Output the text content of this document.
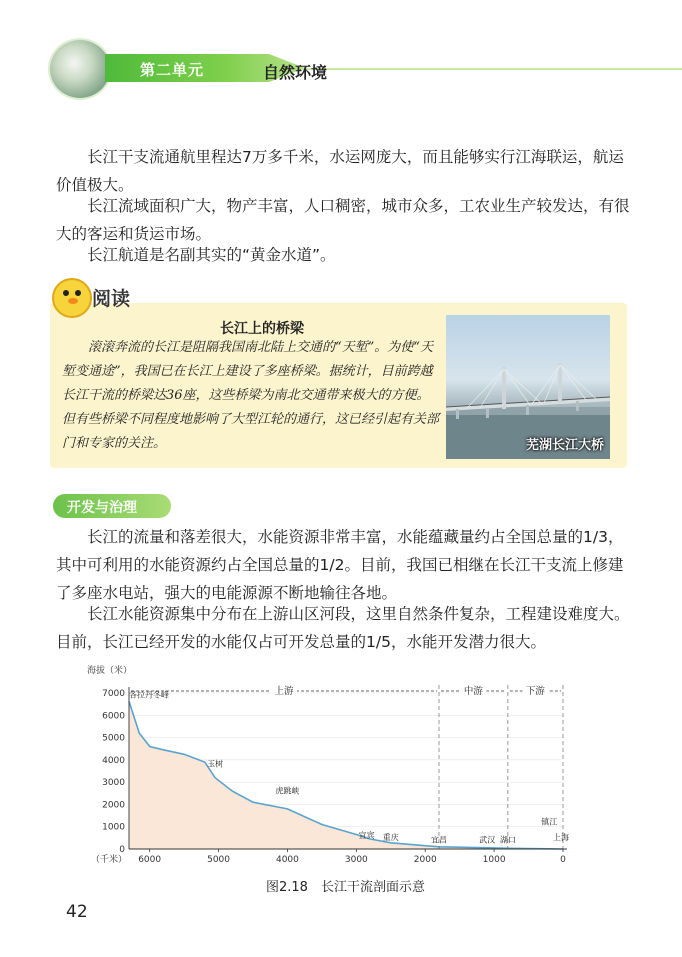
第二单元	自然环境

长江干支流通航里程达7万多千米，水运网庞大，而且能够实行江海联运，航运价值极大。

长江流域面积广大，物产丰富，人口稠密，城市众多，工农业生产较发达，有很大的客运和货运市场。

长江航道是名副其实的“黄金水道”。

阅读
长江上的桥梁

滚滚奔流的长江是阻隔我国南北陆上交通的“天堑”。为使“天堑变通途”，我国已在长江上建设了多座桥梁。据统计，目前跨越长江干流的桥梁达36座，这些桥梁为南北交通带来极大的方便。但有些桥梁不同程度地影响了大型江轮的通行，这已经引起有关部门和专家的关注。	芜湖长江大桥
开发与治理

长江的流量和落差很大，水能资源非常丰富，水能蕴藏量约占全国总量的1/3，其中可利用的水能资源约占全国总量的1/2。目前，我国已相继在长江干支流上修建了多座水电站，强大的电能源源不断地输往各地。

长江水能资源集中分布在上游山区河段，这里自然条件复杂，工程建设难度大。目前，长江已经开发的水能仅占可开发总量的1/5，水能开发潜力很大。

7000
6000
5000
4000
3000
2000
1000
0
海拔（米）
6000	5000	4000	3000	2000	1000	0
（千米）
上游	中游	下游
各拉丹冬峰
玉树
虎跳峡
宜宾 重庆	宜昌	武汉 湖口
镇江
上海
图2.18　长江干流剖面示意
42
